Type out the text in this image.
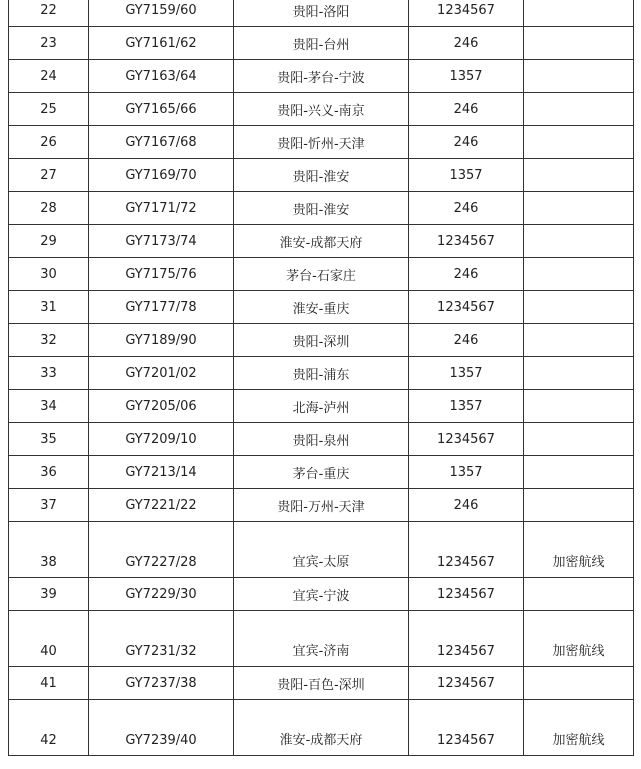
22	GY7159/60	贵阳-洛阳	1234567	
23	GY7161/62	贵阳-台州	246	
24	GY7163/64	贵阳-茅台-宁波	1357	
25	GY7165/66	贵阳-兴义-南京	246	
26	GY7167/68	贵阳-忻州-天津	246	
27	GY7169/70	贵阳-淮安	1357	
28	GY7171/72	贵阳-淮安	246	
29	GY7173/74	淮安-成都天府	1234567	
30	GY7175/76	茅台-石家庄	246	
31	GY7177/78	淮安-重庆	1234567	
32	GY7189/90	贵阳-深圳	246	
33	GY7201/02	贵阳-浦东	1357	
34	GY7205/06	北海-泸州	1357	
35	GY7209/10	贵阳-泉州	1234567	
36	GY7213/14	茅台-重庆	1357	
37	GY7221/22	贵阳-万州-天津	246	
38	GY7227/28	宜宾-太原	1234567	加密航线
39	GY7229/30	宜宾-宁波	1234567	
40	GY7231/32	宜宾-济南	1234567	加密航线
41	GY7237/38	贵阳-百色-深圳	1234567	
42	GY7239/40	淮安-成都天府	1234567	加密航线
